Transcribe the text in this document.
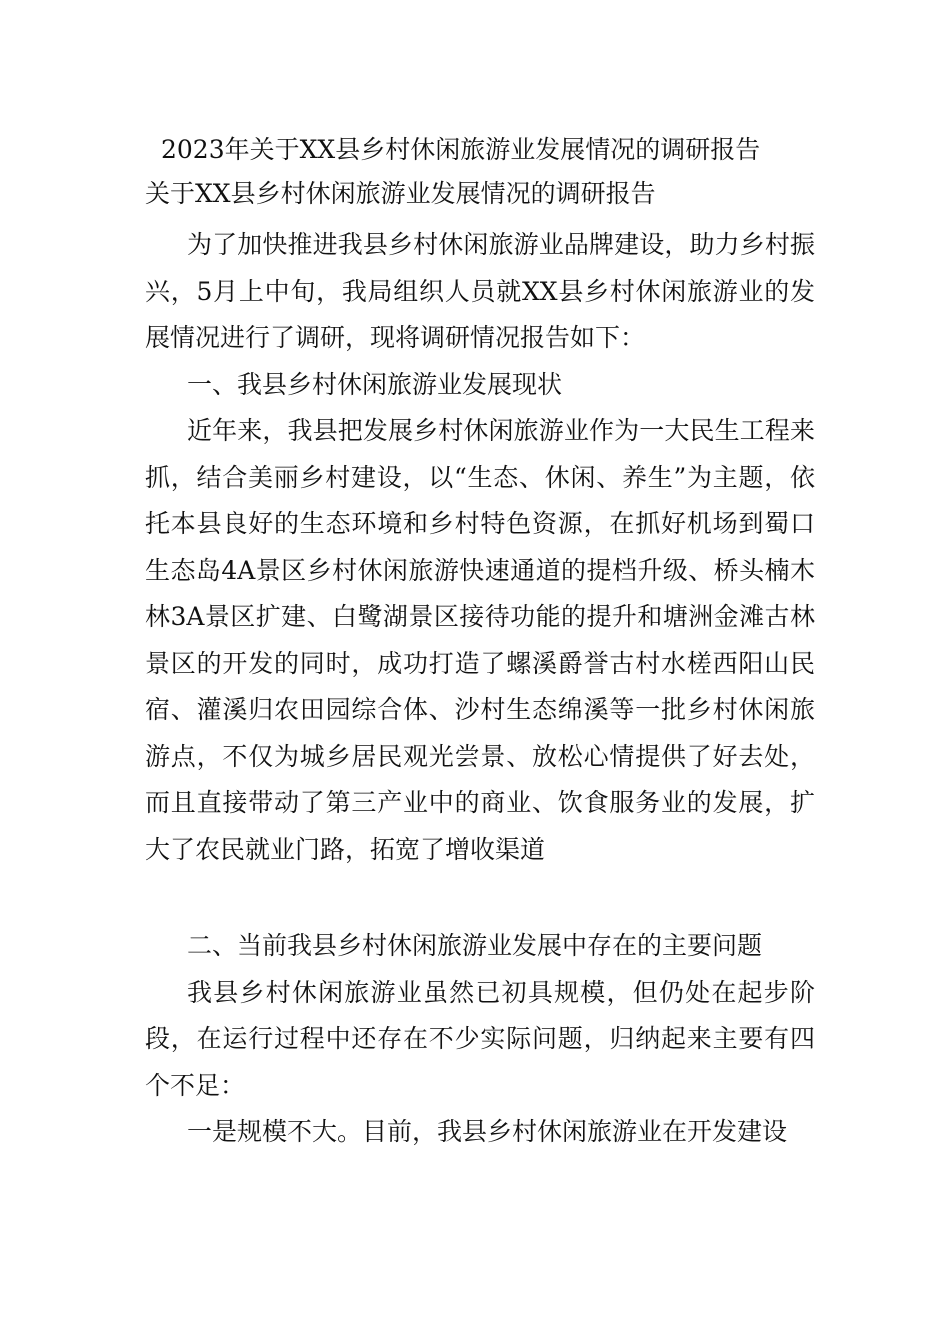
2023年关于XX县乡村休闲旅游业发展情况的调研报告
关于XX县乡村休闲旅游业发展情况的调研报告

为了加快推进我县乡村休闲旅游业品牌建设，助力乡村振兴，5月上中旬，我局组织人员就XX县乡村休闲旅游业的发展情况进行了调研，现将调研情况报告如下：

一、我县乡村休闲旅游业发展现状

近年来，我县把发展乡村休闲旅游业作为一大民生工程来抓，结合美丽乡村建设，以“生态、休闲、养生”为主题，依托本县良好的生态环境和乡村特色资源，在抓好机场到蜀口生态岛4A景区乡村休闲旅游快速通道的提档升级、桥头楠木林3A景区扩建、白鹭湖景区接待功能的提升和塘洲金滩古林景区的开发的同时，成功打造了螺溪爵誉古村水槎西阳山民宿、灌溪归农田园综合体、沙村生态绵溪等一批乡村休闲旅游点，不仅为城乡居民观光尝景、放松心情提供了好去处，而且直接带动了第三产业中的商业、饮食服务业的发展，扩大了农民就业门路，拓宽了增收渠道

二、当前我县乡村休闲旅游业发展中存在的主要问题

我县乡村休闲旅游业虽然已初具规模，但仍处在起步阶段，在运行过程中还存在不少实际问题，归纳起来主要有四个不足：

一是规模不大。目前，我县乡村休闲旅游业在开发建设
